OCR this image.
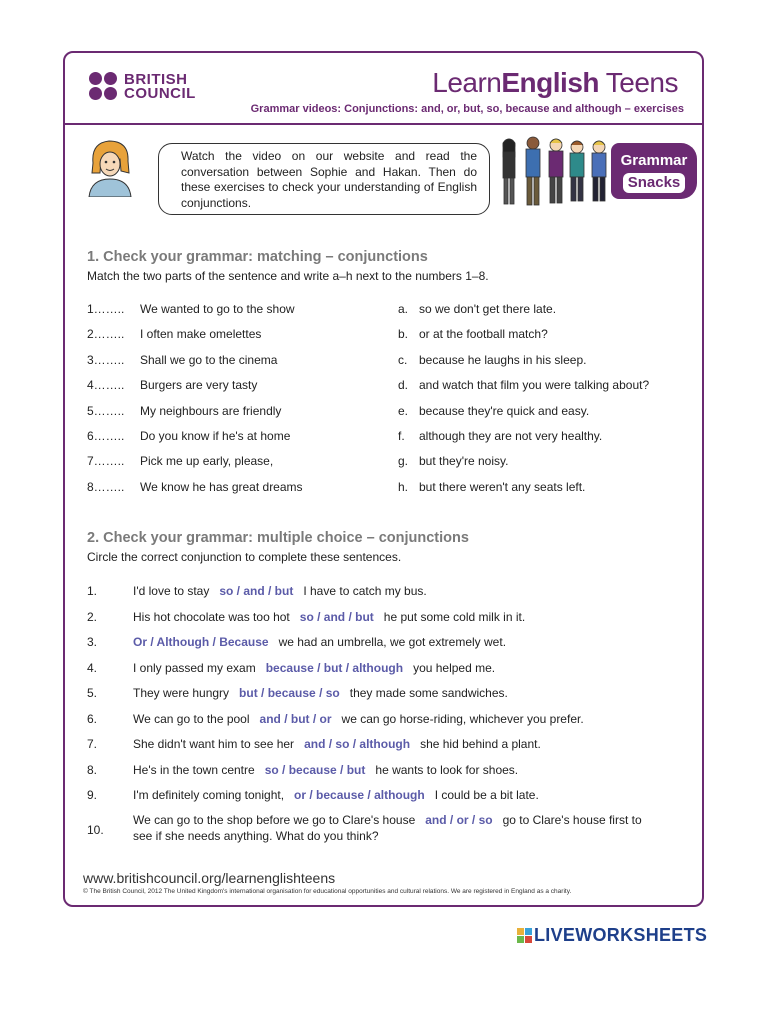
BRITISH
COUNCIL	LearnEnglish Teens
Grammar videos: Conjunctions: and, or, but, so, because and although – exercises
Watch the video on our website and read the conversation between Sophie and Hakan. Then do these exercises to check your understanding of English conjunctions.
Grammar
Snacks
1. Check your grammar: matching – conjunctions
Match the two parts of the sentence and write a–h next to the numbers 1–8.
1…….. We wanted to go to the show	a. so we don't get there late.
2…….. I often make omelettes	b. or at the football match?
3…….. Shall we go to the cinema	c. because he laughs in his sleep.
4…….. Burgers are very tasty	d. and watch that film you were talking about?
5…….. My neighbours are friendly	e. because they're quick and easy.
6…….. Do you know if he's at home	f. although they are not very healthy.
7…….. Pick me up early, please,	g. but they're noisy.
8…….. We know he has great dreams	h. but there weren't any seats left.
2. Check your grammar: multiple choice – conjunctions
Circle the correct conjunction to complete these sentences.
1.	I'd love to stay so / and / but I have to catch my bus.
2.	His hot chocolate was too hot so / and / but he put some cold milk in it.
3.	Or / Although / Because we had an umbrella, we got extremely wet.
4.	I only passed my exam because / but / although you helped me.
5.	They were hungry but / because / so they made some sandwiches.
6.	We can go to the pool and / but / or we can go horse-riding, whichever you prefer.
7.	She didn't want him to see her and / so / although she hid behind a plant.
8.	He's in the town centre so / because / but he wants to look for shoes.
9.	I'm definitely coming tonight, or / because / although I could be a bit late.
10.
We can go to the shop before we go to Clare's house and / or / so go to Clare's house first to
see if she needs anything. What do you think?
www.britishcouncil.org/learnenglishteens
© The British Council, 2012 The United Kingdom's international organisation for educational opportunities and cultural relations. We are registered in England as a charity.
LIVEWORKSHEETS
